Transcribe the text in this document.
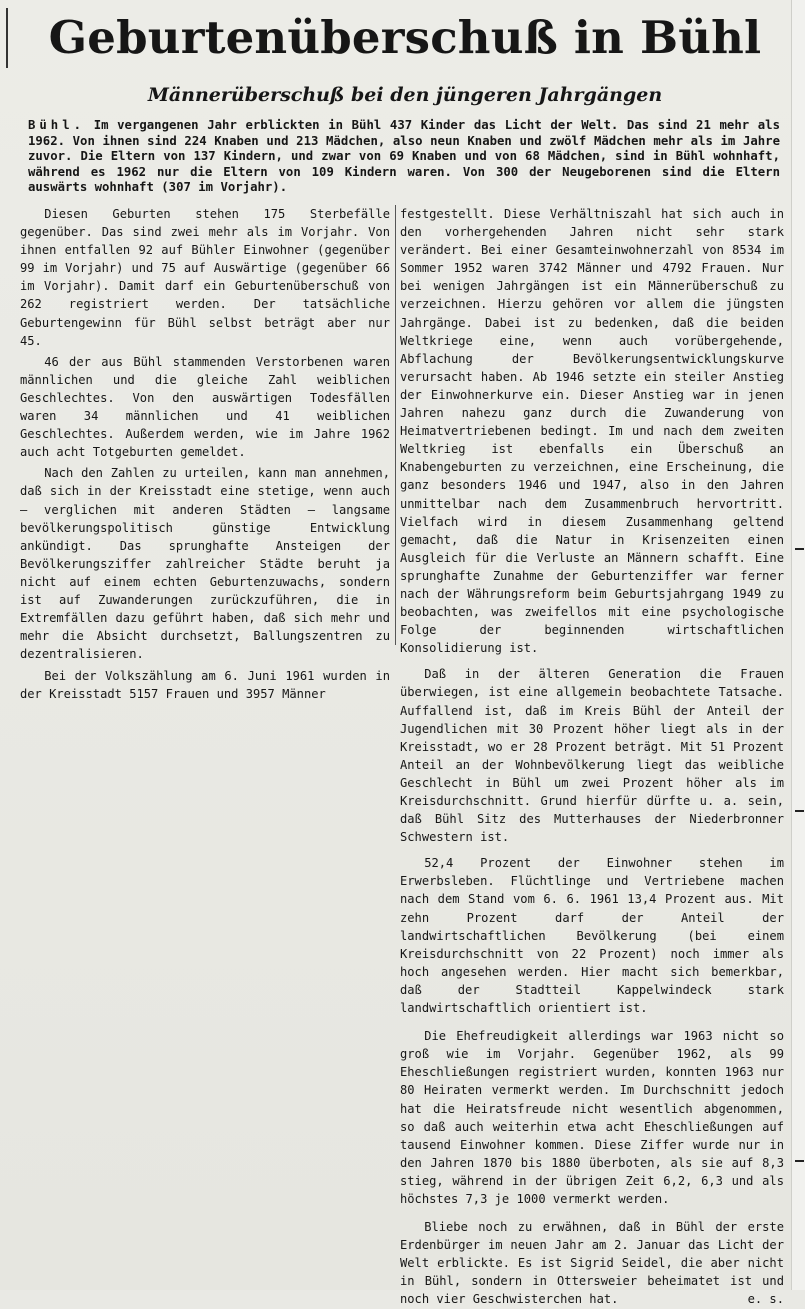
Geburtenüberschuß in Bühl
Männerüberschuß bei den jüngeren Jahrgängen

Bühl. Im vergangenen Jahr erblickten in Bühl 437 Kinder das Licht der Welt. Das sind 21 mehr als 1962. Von ihnen sind 224 Knaben und 213 Mädchen, also neun Knaben und zwölf Mädchen mehr als im Jahre zuvor. Die Eltern von 137 Kindern, und zwar von 69 Knaben und von 68 Mädchen, sind in Bühl wohnhaft, während es 1962 nur die Eltern von 109 Kindern waren. Von 300 der Neugeborenen sind die Eltern auswärts wohnhaft (307 im Vorjahr).

Diesen Geburten stehen 175 Sterbefälle gegenüber. Das sind zwei mehr als im Vorjahr. Von ihnen entfallen 92 auf Bühler Einwohner (gegenüber 99 im Vorjahr) und 75 auf Auswärtige (gegenüber 66 im Vorjahr). Damit darf ein Geburtenüberschuß von 262 registriert werden. Der tatsächliche Geburtengewinn für Bühl selbst beträgt aber nur 45.

46 der aus Bühl stammenden Verstorbenen waren männlichen und die gleiche Zahl weiblichen Geschlechtes. Von den auswärtigen Todesfällen waren 34 männlichen und 41 weiblichen Geschlechtes. Außerdem werden, wie im Jahre 1962 auch acht Totgeburten gemeldet.

Nach den Zahlen zu urteilen, kann man annehmen, daß sich in der Kreisstadt eine stetige, wenn auch — verglichen mit anderen Städten — langsame bevölkerungspolitisch günstige Entwicklung ankündigt. Das sprunghafte Ansteigen der Bevölkerungsziffer zahlreicher Städte beruht ja nicht auf einem echten Geburtenzuwachs, sondern ist auf Zuwanderungen zurückzuführen, die in Extremfällen dazu geführt haben, daß sich mehr und mehr die Absicht durchsetzt, Ballungszentren zu dezentralisieren.

Bei der Volkszählung am 6. Juni 1961 wurden in der Kreisstadt 5157 Frauen und 3957 Männer

festgestellt. Diese Verhältniszahl hat sich auch in den vorhergehenden Jahren nicht sehr stark verändert. Bei einer Gesamteinwohnerzahl von 8534 im Sommer 1952 waren 3742 Männer und 4792 Frauen. Nur bei wenigen Jahrgängen ist ein Männerüberschuß zu verzeichnen. Hierzu gehören vor allem die jüngsten Jahrgänge. Dabei ist zu bedenken, daß die beiden Weltkriege eine, wenn auch vorübergehende, Abflachung der Bevölkerungsentwicklungskurve verursacht haben. Ab 1946 setzte ein steiler Anstieg der Einwohnerkurve ein. Dieser Anstieg war in jenen Jahren nahezu ganz durch die Zuwanderung von Heimatvertriebenen bedingt. Im und nach dem zweiten Weltkrieg ist ebenfalls ein Überschuß an Knabengeburten zu verzeichnen, eine Erscheinung, die ganz besonders 1946 und 1947, also in den Jahren unmittelbar nach dem Zusammenbruch hervortritt. Vielfach wird in diesem Zusammenhang geltend gemacht, daß die Natur in Krisenzeiten einen Ausgleich für die Verluste an Männern schafft. Eine sprunghafte Zunahme der Geburtenziffer war ferner nach der Währungsreform beim Geburtsjahrgang 1949 zu beobachten, was zweifellos mit eine psychologische Folge der beginnenden wirtschaftlichen Konsolidierung ist.

Daß in der älteren Generation die Frauen überwiegen, ist eine allgemein beobachtete Tatsache. Auffallend ist, daß im Kreis Bühl der Anteil der Jugendlichen mit 30 Prozent höher liegt als in der Kreisstadt, wo er 28 Prozent beträgt. Mit 51 Prozent Anteil an der Wohnbevölkerung liegt das weibliche Geschlecht in Bühl um zwei Prozent höher als im Kreisdurchschnitt. Grund hierfür dürfte u. a. sein, daß Bühl Sitz des Mutterhauses der Niederbronner Schwestern ist.

52,4 Prozent der Einwohner stehen im Erwerbsleben. Flüchtlinge und Vertriebene machen nach dem Stand vom 6. 6. 1961 13,4 Prozent aus. Mit zehn Prozent darf der Anteil der landwirtschaftlichen Bevölkerung (bei einem Kreisdurchschnitt von 22 Prozent) noch immer als hoch angesehen werden. Hier macht sich bemerkbar, daß der Stadtteil Kappelwindeck stark landwirtschaftlich orientiert ist.

Die Ehefreudigkeit allerdings war 1963 nicht so groß wie im Vorjahr. Gegenüber 1962, als 99 Eheschließungen registriert wurden, konnten 1963 nur 80 Heiraten vermerkt werden. Im Durchschnitt jedoch hat die Heiratsfreude nicht wesentlich abgenommen, so daß auch weiterhin etwa acht Eheschließungen auf tausend Einwohner kommen. Diese Ziffer wurde nur in den Jahren 1870 bis 1880 überboten, als sie auf 8,3 stieg, während in der übrigen Zeit 6,2, 6,3 und als höchstes 7,3 je 1000 vermerkt werden.

Bliebe noch zu erwähnen, daß in Bühl der erste Erdenbürger im neuen Jahr am 2. Januar das Licht der Welt erblickte. Es ist Sigrid Seidel, die aber nicht in Bühl, sondern in Ottersweier beheimatet ist und noch vier Geschwisterchen hat.	e. s.
